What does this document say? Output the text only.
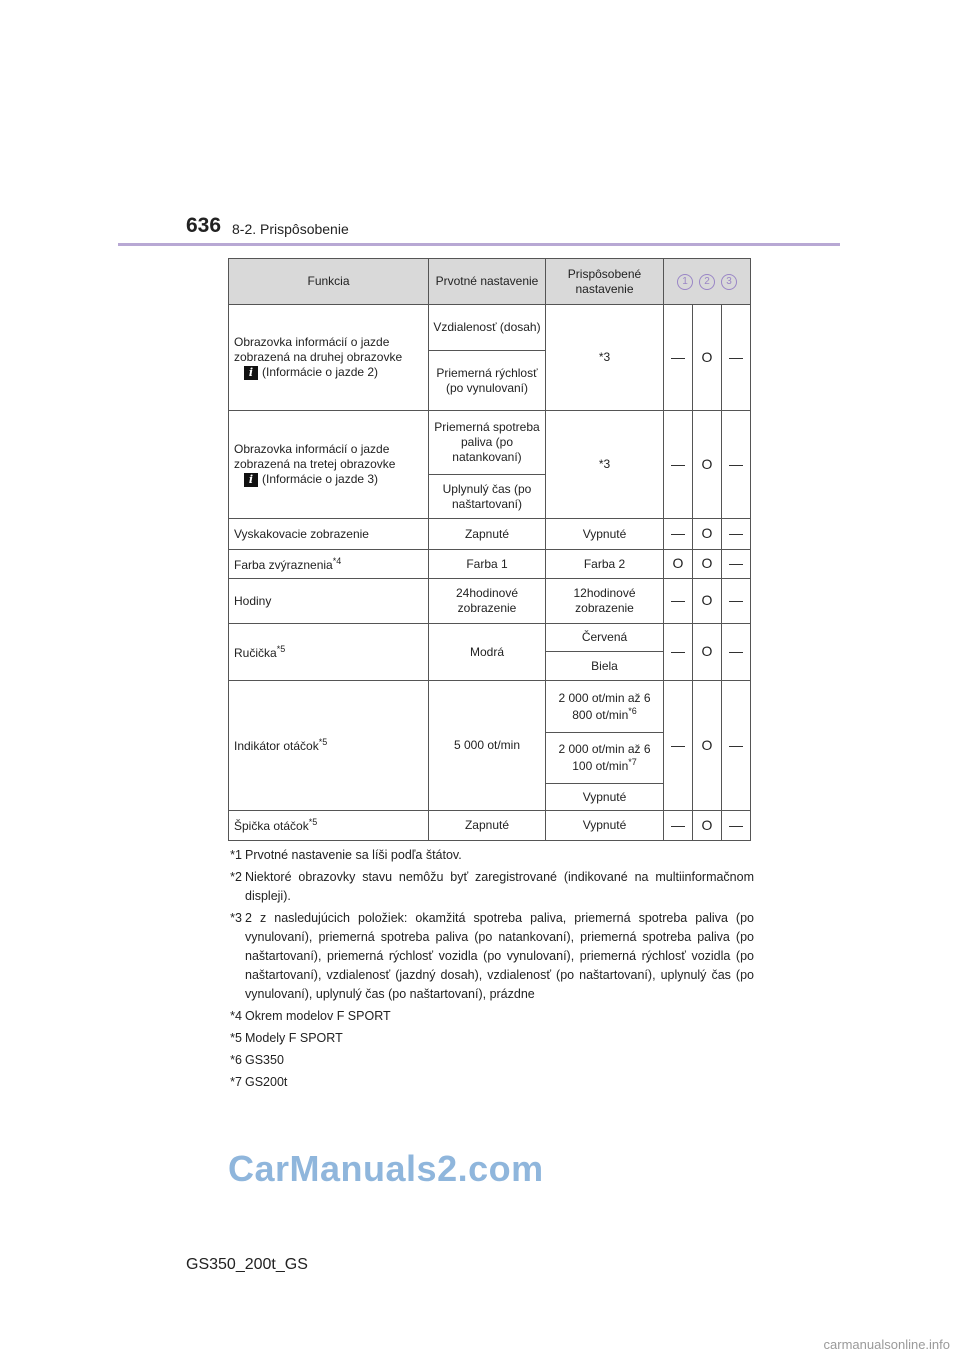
636 8-2. Prispôsobenie
Funkcia	Prvotné nastavenie	Prispôsobené nastavenie	1 2 3		
Obrazovka informácií o jazde zobrazená na druhej obrazovke
i (Informácie o jazde 2)	Vzdialenosť (dosah)	*3	—	O	—
	Priemerná rýchlosť (po vynulovaní)				
Obrazovka informácií o jazde zobrazená na tretej obrazovke
i (Informácie o jazde 3)	Priemerná spotreba paliva (po natankovaní)	*3	—	O	—
	Uplynulý čas (po naštartovaní)				
Vyskakovacie zobrazenie	Zapnuté	Vypnuté	—	O	—
Farba zvýraznenia$^{*4}$	Farba 1	Farba 2	O	O	—
Hodiny	24hodinové zobrazenie	12hodinové zobrazenie	—	O	—
Ručička$^{*5}$	Modrá	Červená	—	O	—
		Biela			
Indikátor otáčok$^{*5}$	5 000 ot/min	2 000 ot/min až 6 800 $ot/\min^{*6}$	—	O	—
		2 000 ot/min až 6 100 $ot/\min^{*7}$
		Vypnuté			
Špička otáčok$^{*5}$	Zapnuté	Vypnuté	—	O	—
*1 Prvotné nastavenie sa líši podľa štátov.
*2 Niektoré obrazovky stavu nemôžu byť zaregistrované (indikované na multiinformačnom displeji).
*3 2 z nasledujúcich položiek: okamžitá spotreba paliva, priemerná spotreba paliva (po vynulovaní), priemerná spotreba paliva (po natankovaní), priemerná spotreba paliva (po naštartovaní), priemerná rýchlosť vozidla (po vynulovaní), priemerná rýchlosť vozidla (po naštartovaní), vzdialenosť (jazdný dosah), vzdialenosť (po naštartovaní), uplynulý čas (po vynulovaní), uplynulý čas (po naštartovaní), prázdne
*4 Okrem modelov F SPORT
*5 Modely F SPORT
*6 GS350
*7 GS200t
CarManuals2.com
GS350_200t_GS
carmanualsonline.info
